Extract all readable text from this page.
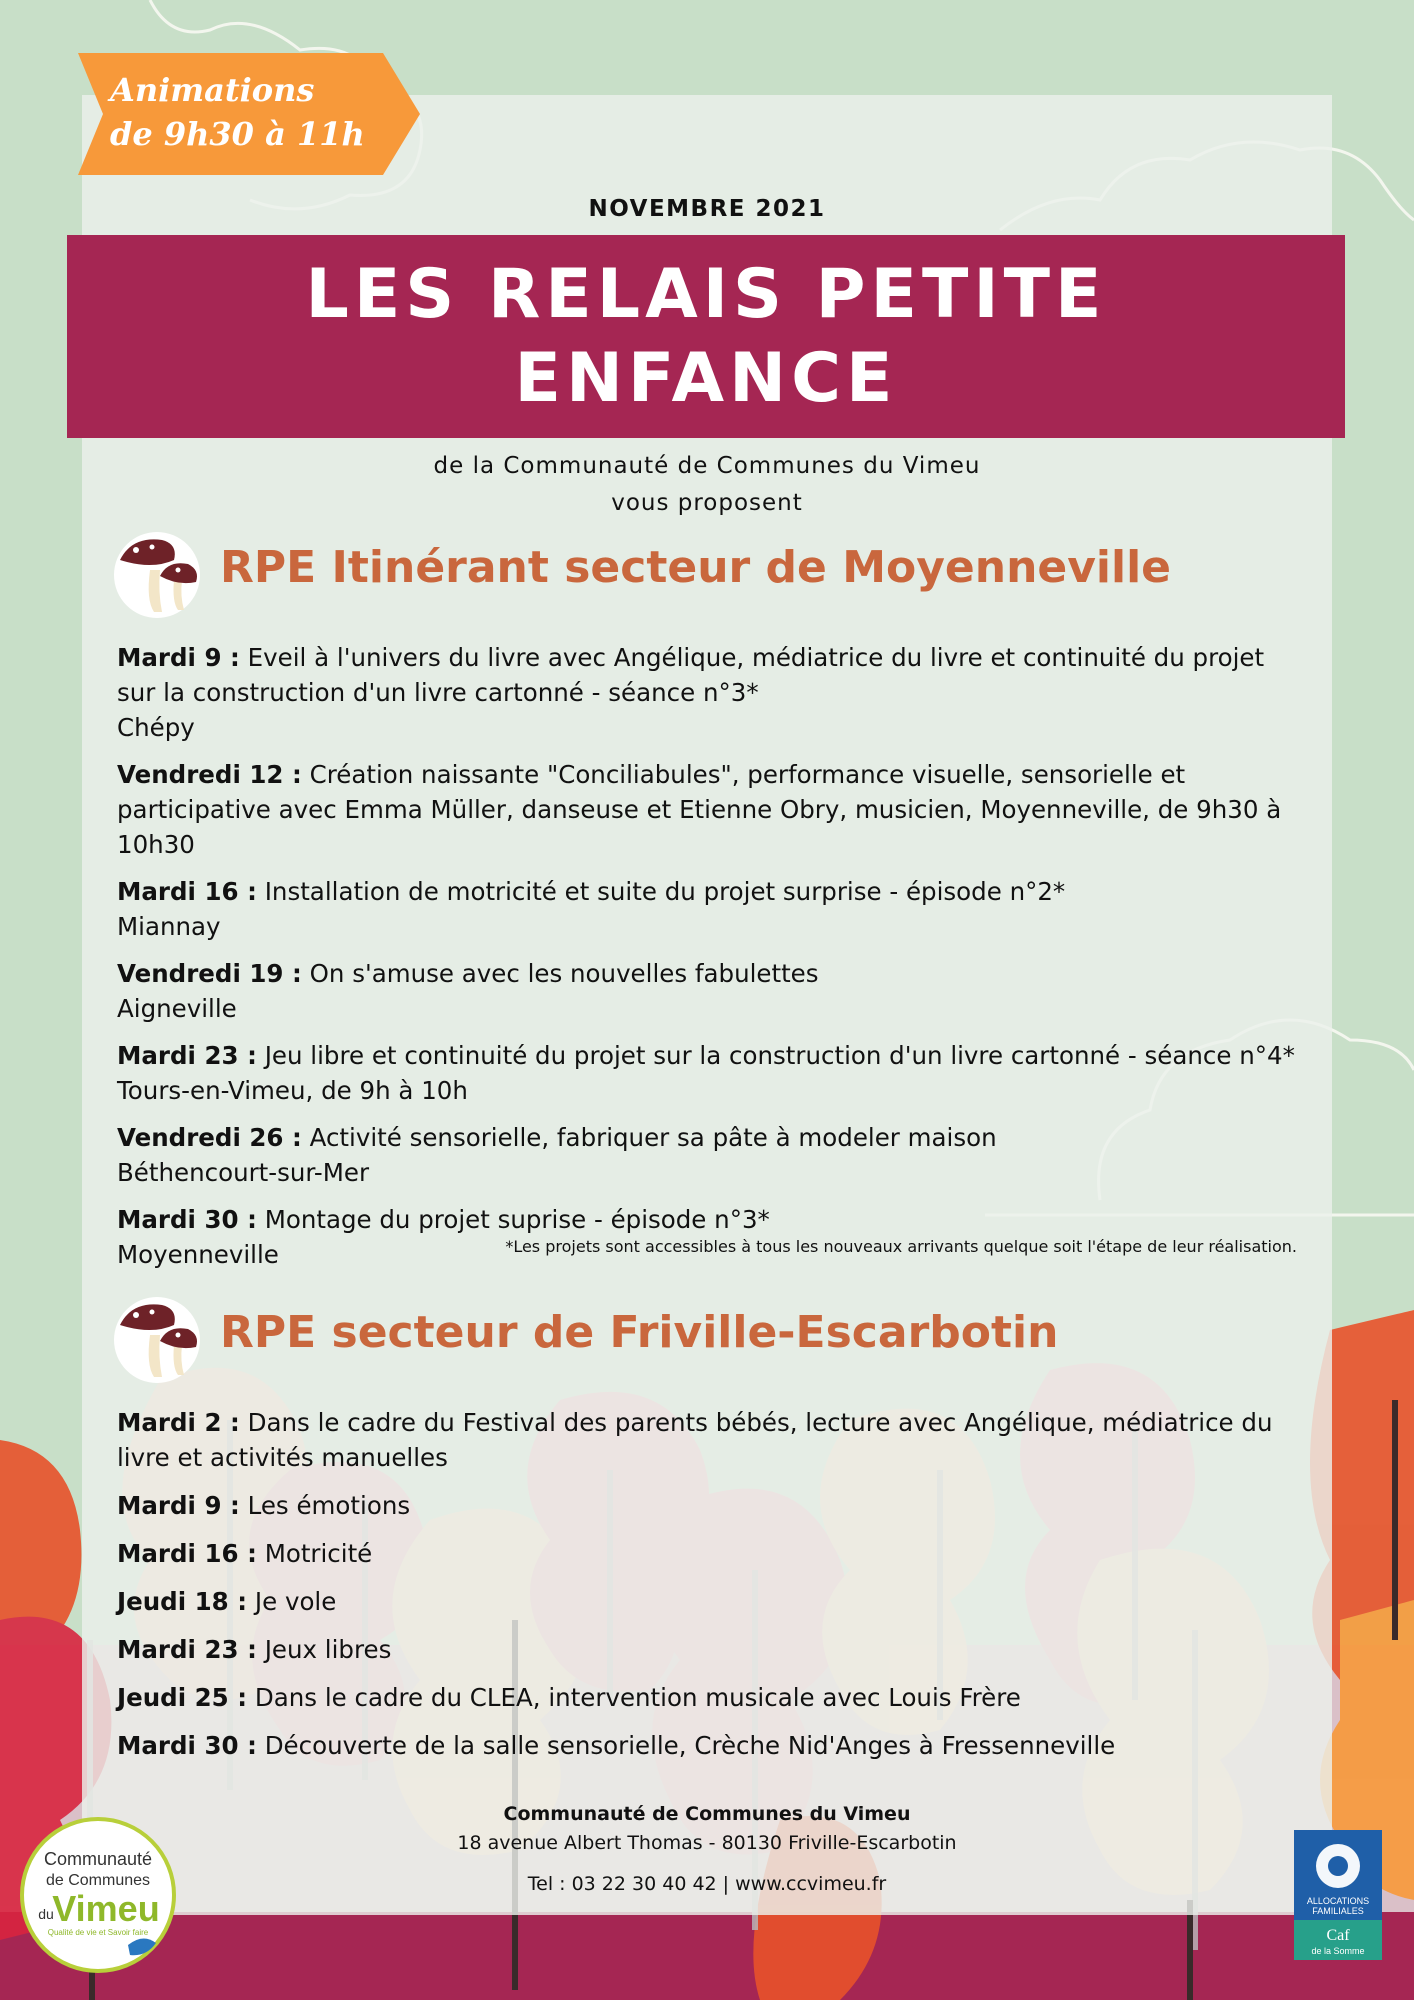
Animations
de 9h30 à 11h
NOVEMBRE 2021
LES RELAIS PETITE
ENFANCE
de la Communauté de Communes du Vimeu
vous proposent
RPE Itinérant secteur de Moyenneville
Mardi 9 : Eveil à l'univers du livre avec Angélique, médiatrice du livre et continuité du projet sur la construction d'un livre cartonné - séance n°3*
Chépy
Vendredi 12 : Création naissante "Conciliabules", performance visuelle, sensorielle et participative avec Emma Müller, danseuse et Etienne Obry, musicien, Moyenneville, de 9h30 à 10h30
Mardi 16 : Installation de motricité et suite du projet surprise - épisode n°2*
Miannay
Vendredi 19 : On s'amuse avec les nouvelles fabulettes
Aigneville
Mardi 23 : Jeu libre et continuité du projet sur la construction d'un livre cartonné - séance n°4*
Tours-en-Vimeu, de 9h à 10h
Vendredi 26 : Activité sensorielle, fabriquer sa pâte à modeler maison
Béthencourt-sur-Mer
Mardi 30 : Montage du projet suprise - épisode n°3*
Moyenneville	*Les projets sont accessibles à tous les nouveaux arrivants quelque soit l'étape de leur réalisation.
RPE secteur de Friville-Escarbotin
Mardi 2 : Dans le cadre du Festival des parents bébés, lecture avec Angélique, médiatrice du livre et activités manuelles
Mardi 9 : Les émotions
Mardi 16 : Motricité
Jeudi 18 : Je vole
Mardi 23 : Jeux libres
Jeudi 25 : Dans le cadre du CLEA, intervention musicale avec Louis Frère
Mardi 30 : Découverte de la salle sensorielle, Crèche Nid'Anges à Fressenneville
Communauté de Communes du Vimeu
18 avenue Albert Thomas - 80130 Friville-Escarbotin
Tel : 03 22 30 40 42 | www.ccvimeu.fr
Communauté
de Communes
du
Vimeu
Qualité de vie et Savoir faire
ALLOCATIONS
FAMILIALES
Caf
de la Somme
